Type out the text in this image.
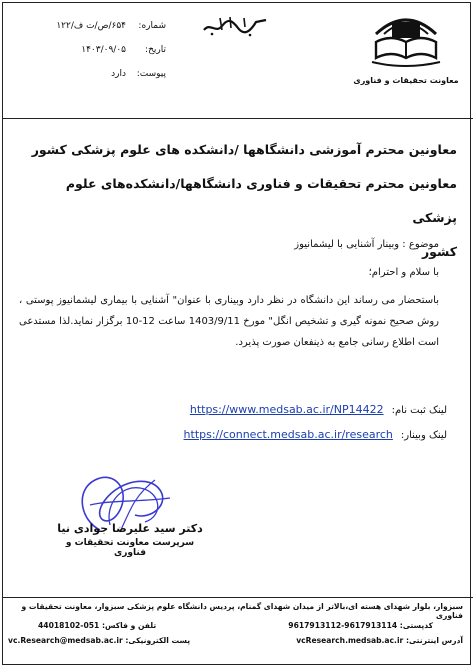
شماره:
۶۵۴/ص/ت ف/۱۲۲
تاریخ:
۱۴۰۳/۰۹/۰۵
پیوست:
دارد
معاونت تحقیقات و فناوری
معاونین محترم آموزشی دانشگاهها /دانشکده های علوم پزشکی کشور
معاونین محترم تحقیقات و فناوری دانشگاهها/دانشکده‌های علوم پزشکی
کشور
موضوع : وبینار آشنایی با لیشمانیوز
با سلام و احترام؛
باستحضار می رساند این دانشگاه در نظر دارد وبیناری با عنوان" آشنایی با بیماری لیشمانیوز پوستی ، روش صحیح نمونه گیری و تشخیص انگل" مورخ 1403/9/11 ساعت 12-10 برگزار نماید.لذا مستدعی است اطلاع رسانی جامع به ذینفعان صورت پذیرد.
لینک ثبت نام:
https://www.medsab.ac.ir/NP14422
لینک وبینار:
https://connect.medsab.ac.ir/research
دکتر سید علیرضا جوادی نیا
سرپرست معاونت تحقیقات و فناوری
سبزوار، بلوار شهدای هسته ای،بالاتر از میدان شهدای گمنام، پردیس دانشگاه علوم پزشکی سبزوار، معاونت تحقیقات و فناوری
کدپستی: 9617913114-9617913112
تلفن و فاکس: 051-44018102
آدرس اینترنتی: vcResearch.medsab.ac.ir
پست الکترونیکی: vc.Research@medsab.ac.ir
